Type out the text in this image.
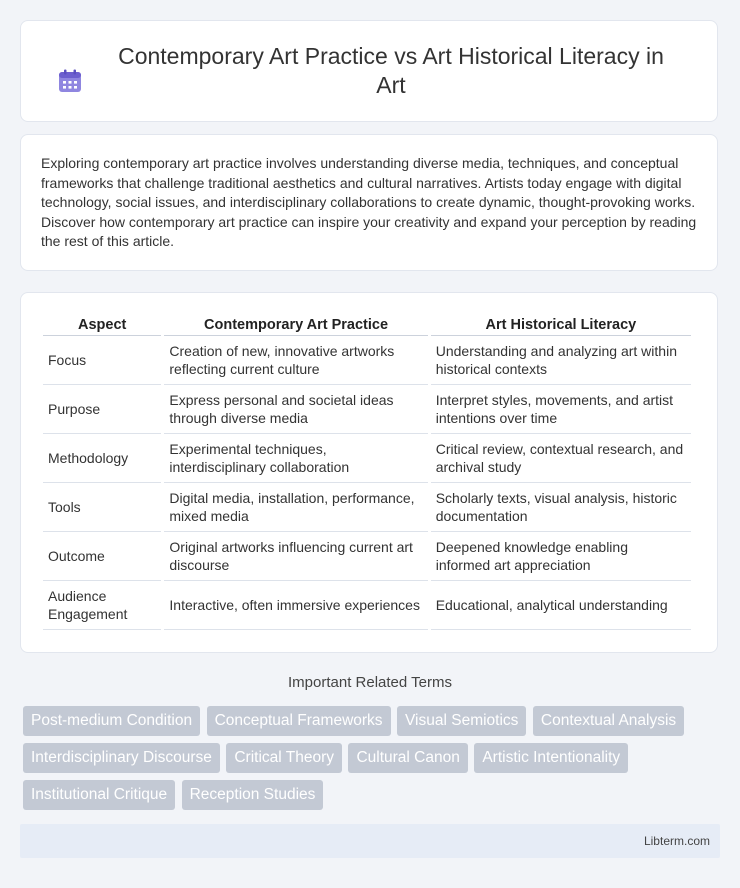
Contemporary Art Practice vs Art Historical Literacy in Art

Exploring contemporary art practice involves understanding diverse media, techniques, and conceptual frameworks that challenge traditional aesthetics and cultural narratives. Artists today engage with digital technology, social issues, and interdisciplinary collaborations to create dynamic, thought-provoking works. Discover how contemporary art practice can inspire your creativity and expand your perception by reading the rest of this article.

Aspect	Contemporary Art Practice	Art Historical Literacy
Focus	Creation of new, innovative artworks reflecting current culture	Understanding and analyzing art within historical contexts
Purpose	Express personal and societal ideas through diverse media	Interpret styles, movements, and artist intentions over time
Methodology	Experimental techniques, interdisciplinary collaboration	Critical review, contextual research, and archival study
Tools	Digital media, installation, performance, mixed media	Scholarly texts, visual analysis, historic documentation
Outcome	Original artworks influencing current art discourse	Deepened knowledge enabling informed art appreciation
Audience Engagement	Interactive, often immersive experiences	Educational, analytical understanding
Important Related Terms
Post-medium Condition Conceptual Frameworks Visual Semiotics Contextual Analysis Interdisciplinary Discourse Critical Theory Cultural Canon Artistic Intentionality Institutional Critique Reception Studies
Libterm.com
